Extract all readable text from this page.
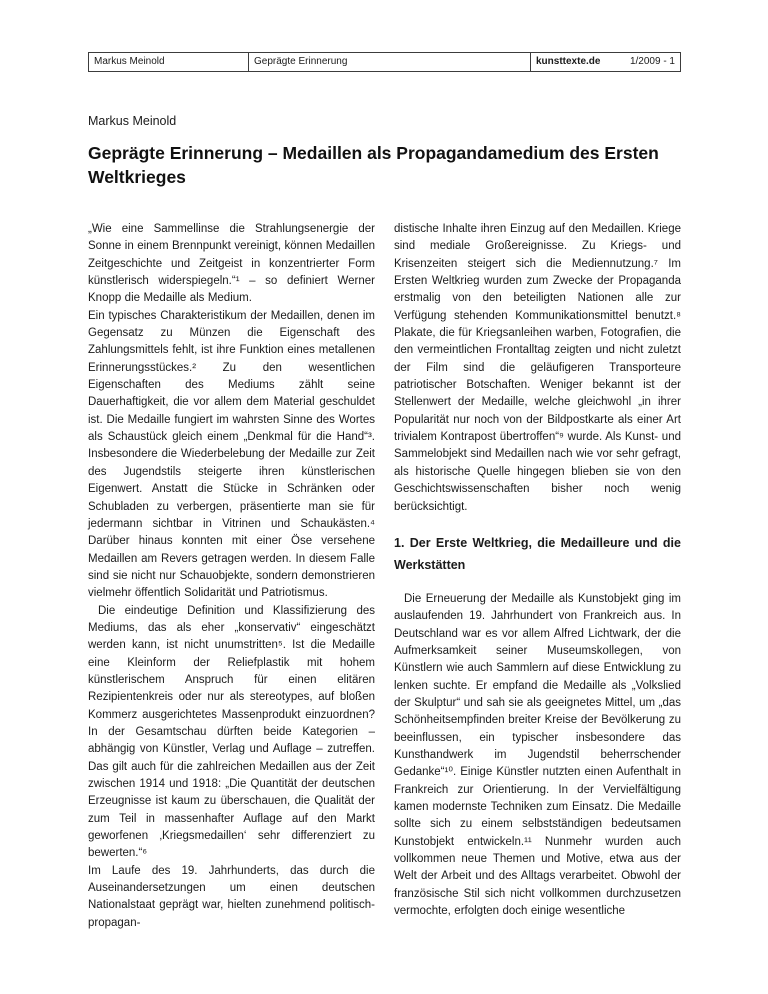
Markus Meinold	Geprägte Erinnerung	kunsttexte.de	1/2009 - 1
Markus Meinold
Geprägte Erinnerung – Medaillen als Propagandamedium des Ersten Weltkrieges

„Wie eine Sammellinse die Strahlungsenergie der Sonne in einem Brennpunkt vereinigt, können Medaillen Zeitgeschichte und Zeitgeist in konzentrierter Form künstlerisch widerspiegeln.“¹ – so definiert Werner Knopp die Medaille als Medium.

Ein typisches Charakteristikum der Medaillen, denen im Gegensatz zu Münzen die Eigenschaft des Zahlungsmittels fehlt, ist ihre Funktion eines metallenen Erinnerungsstückes.² Zu den wesentlichen Eigenschaften des Mediums zählt seine Dauerhaftigkeit, die vor allem dem Material geschuldet ist. Die Medaille fungiert im wahrsten Sinne des Wortes als Schaustück gleich einem „Denkmal für die Hand“³. Insbesondere die Wiederbelebung der Medaille zur Zeit des Jugendstils steigerte ihren künstlerischen Eigenwert. Anstatt die Stücke in Schränken oder Schubladen zu verbergen, präsentierte man sie für jedermann sichtbar in Vitrinen und Schaukästen.⁴ Darüber hinaus konnten mit einer Öse versehene Medaillen am Revers getragen werden. In diesem Falle sind sie nicht nur Schauobjekte, sondern demonstrieren vielmehr öffentlich Solidarität und Patriotismus.

Die eindeutige Definition und Klassifizierung des Mediums, das als eher „konservativ“ eingeschätzt werden kann, ist nicht unumstritten⁵. Ist die Medaille eine Kleinform der Reliefplastik mit hohem künstlerischem Anspruch für einen elitären Rezipientenkreis oder nur als stereotypes, auf bloßen Kommerz ausgerichtetes Massenprodukt einzuordnen? In der Gesamtschau dürften beide Kategorien – abhängig von Künstler, Verlag und Auflage – zutreffen. Das gilt auch für die zahlreichen Medaillen aus der Zeit zwischen 1914 und 1918: „Die Quantität der deutschen Erzeugnisse ist kaum zu überschauen, die Qualität der zum Teil in massenhafter Auflage auf den Markt geworfenen ‚Kriegsmedaillen‘ sehr differenziert zu bewerten.“⁶

Im Laufe des 19. Jahrhunderts, das durch die Auseinandersetzungen um einen deutschen Nationalstaat geprägt war, hielten zunehmend politisch-propagan-

distische Inhalte ihren Einzug auf den Medaillen. Kriege sind mediale Großereignisse. Zu Kriegs- und Krisenzeiten steigert sich die Mediennutzung.⁷ Im Ersten Weltkrieg wurden zum Zwecke der Propaganda erstmalig von den beteiligten Nationen alle zur Verfügung stehenden Kommunikationsmittel benutzt.⁸ Plakate, die für Kriegsanleihen warben, Fotografien, die den vermeintlichen Frontalltag zeigten und nicht zuletzt der Film sind die geläufigeren Transporteure patriotischer Botschaften. Weniger bekannt ist der Stellenwert der Medaille, welche gleichwohl „in ihrer Popularität nur noch von der Bildpostkarte als einer Art trivialem Kontrapost übertroffen“⁹ wurde. Als Kunst- und Sammelobjekt sind Medaillen nach wie vor sehr gefragt, als historische Quelle hingegen blieben sie von den Geschichtswissenschaften bisher noch wenig berücksichtigt.

1. Der Erste Weltkrieg, die Medailleure und die Werkstätten

Die Erneuerung der Medaille als Kunstobjekt ging im auslaufenden 19. Jahrhundert von Frankreich aus. In Deutschland war es vor allem Alfred Lichtwark, der die Aufmerksamkeit seiner Museumskollegen, von Künstlern wie auch Sammlern auf diese Entwicklung zu lenken suchte. Er empfand die Medaille als „Volkslied der Skulptur“ und sah sie als geeignetes Mittel, um „das Schönheitsempfinden breiter Kreise der Bevölkerung zu beeinflussen, ein typischer insbesondere das Kunsthandwerk im Jugendstil beherrschender Gedanke“¹⁰. Einige Künstler nutzten einen Aufenthalt in Frankreich zur Orientierung. In der Vervielfältigung kamen modernste Techniken zum Einsatz. Die Medaille sollte sich zu einem selbstständigen bedeutsamen Kunstobjekt entwickeln.¹¹ Nunmehr wurden auch vollkommen neue Themen und Motive, etwa aus der Welt der Arbeit und des Alltags verarbeitet. Obwohl der französische Stil sich nicht vollkommen durchzusetzen vermochte, erfolgten doch einige wesentliche
